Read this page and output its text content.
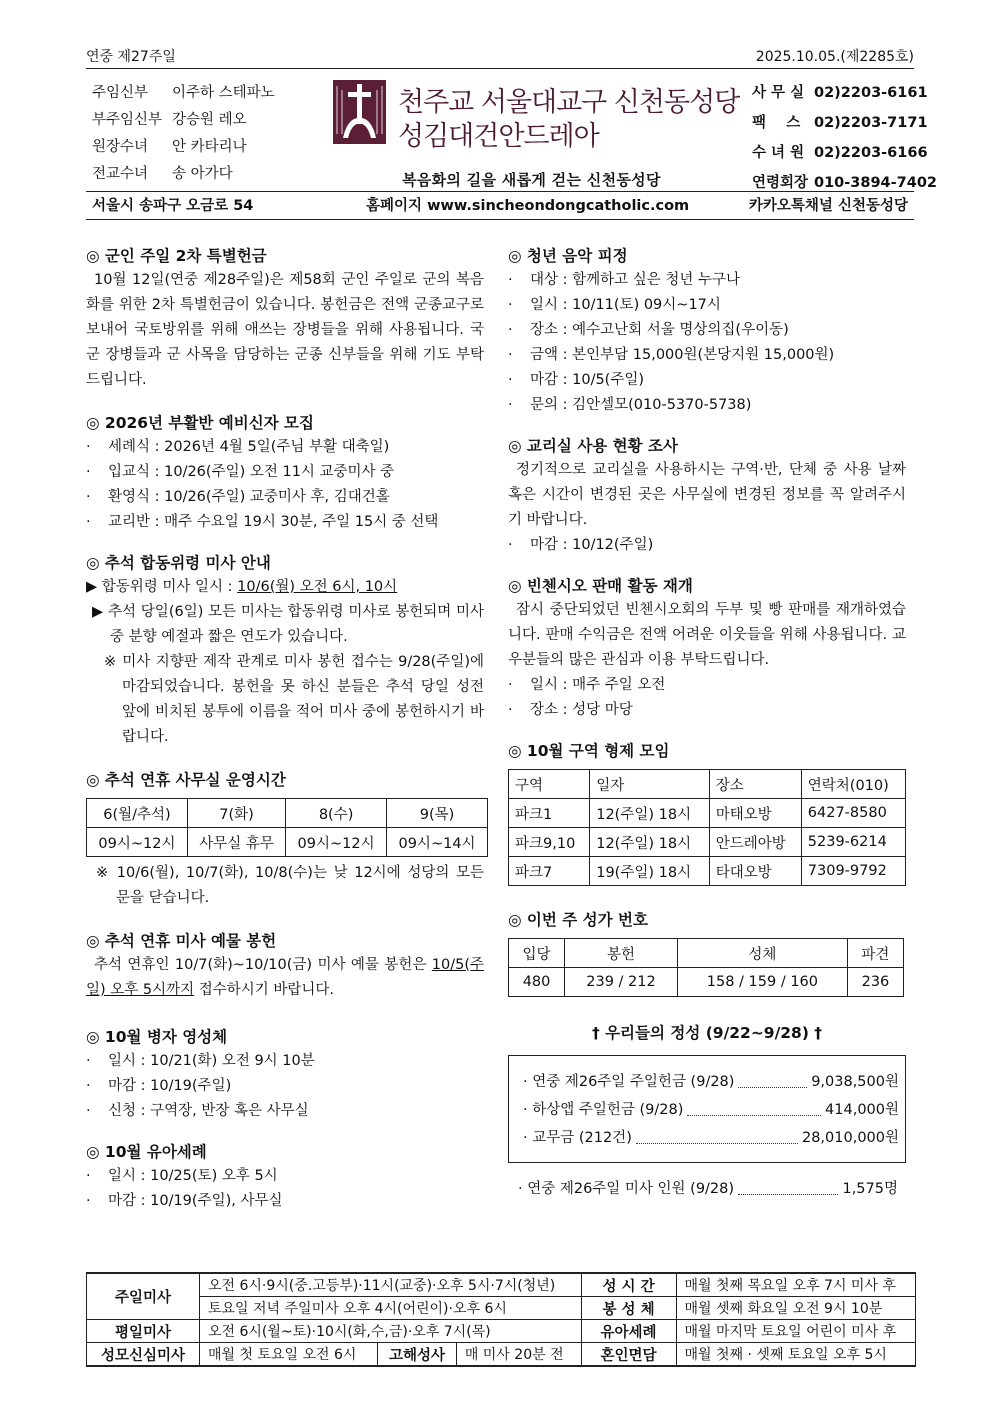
연중 제27주일	2025.10.05.(제2285호)
주임신부 이주하 스테파노
부주임신부 강승원 레오
원장수녀 안 카타리나
전교수녀 송 아가다
천주교 서울대교구 신천동성당
성김대건안드레아
복음화의 길을 새롭게 걷는 신천동성당
사 무 실 02)2203-6161
팩    스 02)2203-7171
수 녀 원 02)2203-6166
연령회장 010-3894-7402
서울시 송파구 오금로 54	홈페이지 www.sincheondongcatholic.com	카카오톡채널 신천동성당
◎ 군인 주일 2차 특별헌금
10월 12일(연중 제28주일)은 제58회 군인 주일로 군의 복음화를 위한 2차 특별헌금이 있습니다. 봉헌금은 전액 군종교구로 보내어 국토방위를 위해 애쓰는 장병들을 위해 사용됩니다. 국군 장병들과 군 사목을 담당하는 군종 신부들을 위해 기도 부탁드립니다.
◎ 2026년 부활반 예비신자 모집
· 세례식 : 2026년 4월 5일(주님 부활 대축일)
· 입교식 : 10/26(주일) 오전 11시 교중미사 중
· 환영식 : 10/26(주일) 교중미사 후, 김대건홀
· 교리반 : 매주 수요일 19시 30분, 주일 15시 중 선택
◎ 추석 합동위령 미사 안내
▶ 합동위령 미사 일시 : 10/6(월) 오전 6시, 10시
▶ 추석 당일(6일) 모든 미사는 합동위령 미사로 봉헌되며 미사 중 분향 예절과 짧은 연도가 있습니다.
※ 미사 지향판 제작 관계로 미사 봉헌 접수는 9/28(주일)에 마감되었습니다. 봉헌을 못 하신 분들은 추석 당일 성전 앞에 비치된 봉투에 이름을 적어 미사 중에 봉헌하시기 바랍니다.
◎ 추석 연휴 사무실 운영시간
6(월/추석)	7(화)	8(수)	9(목)
09시~12시	사무실 휴무	09시~12시	09시~14시
※ 10/6(월), 10/7(화), 10/8(수)는 낮 12시에 성당의 모든 문을 닫습니다.
◎ 추석 연휴 미사 예물 봉헌
추석 연휴인 10/7(화)~10/10(금) 미사 예물 봉헌은 10/5(주일) 오후 5시까지 접수하시기 바랍니다.
◎ 10월 병자 영성체
· 일시 : 10/21(화) 오전 9시 10분
· 마감 : 10/19(주일)
· 신청 : 구역장, 반장 혹은 사무실
◎ 10월 유아세례
· 일시 : 10/25(토) 오후 5시
· 마감 : 10/19(주일), 사무실
◎ 청년 음악 피정
· 대상 : 함께하고 싶은 청년 누구나
· 일시 : 10/11(토) 09시~17시
· 장소 : 예수고난회 서울 명상의집(우이동)
· 금액 : 본인부담 15,000원(본당지원 15,000원)
· 마감 : 10/5(주일)
· 문의 : 김안셀모(010-5370-5738)
◎ 교리실 사용 현황 조사
정기적으로 교리실을 사용하시는 구역·반, 단체 중 사용 날짜 혹은 시간이 변경된 곳은 사무실에 변경된 정보를 꼭 알려주시기 바랍니다.
· 마감 : 10/12(주일)
◎ 빈첸시오 판매 활동 재개
잠시 중단되었던 빈첸시오회의 두부 및 빵 판매를 재개하였습니다. 판매 수익금은 전액 어려운 이웃들을 위해 사용됩니다. 교우분들의 많은 관심과 이용 부탁드립니다.
· 일시 : 매주 주일 오전
· 장소 : 성당 마당
◎ 10월 구역 형제 모임
구역	일자	장소	연락처(010)
파크1	12(주일) 18시	마태오방	6427-8580
파크9,10	12(주일) 18시	안드레아방	5239-6214
파크7	19(주일) 18시	타대오방	7309-9792
◎ 이번 주 성가 번호
입당	봉헌	성체	파견
480	239 / 212	158 / 159 / 160	236
† 우리들의 정성 (9/22~9/28) †
· 연중 제26주일 주일헌금 (9/28)	9,038,500원
· 하상앱 주일헌금 (9/28)	414,000원
· 교무금 (212건)	28,010,000원
· 연중 제26주일 미사 인원 (9/28)	1,575명
주일미사	오전 6시·9시(중.고등부)·11시(교중)·오후 5시·7시(청년)			성 시 간	매월 첫째 목요일 오후 7시 미사 후
	토요일 저녁 주일미사 오후 4시(어린이)·오후 6시			봉 성 체	매월 셋째 화요일 오전 9시 10분
평일미사	오전 6시(월~토)·10시(화,수,금)·오후 7시(목)			유아세례	매월 마지막 토요일 어린이 미사 후
성모신심미사	매월 첫 토요일 오전 6시	고해성사	매 미사 20분 전	혼인면담	매월 첫째 · 셋째 토요일 오후 5시
